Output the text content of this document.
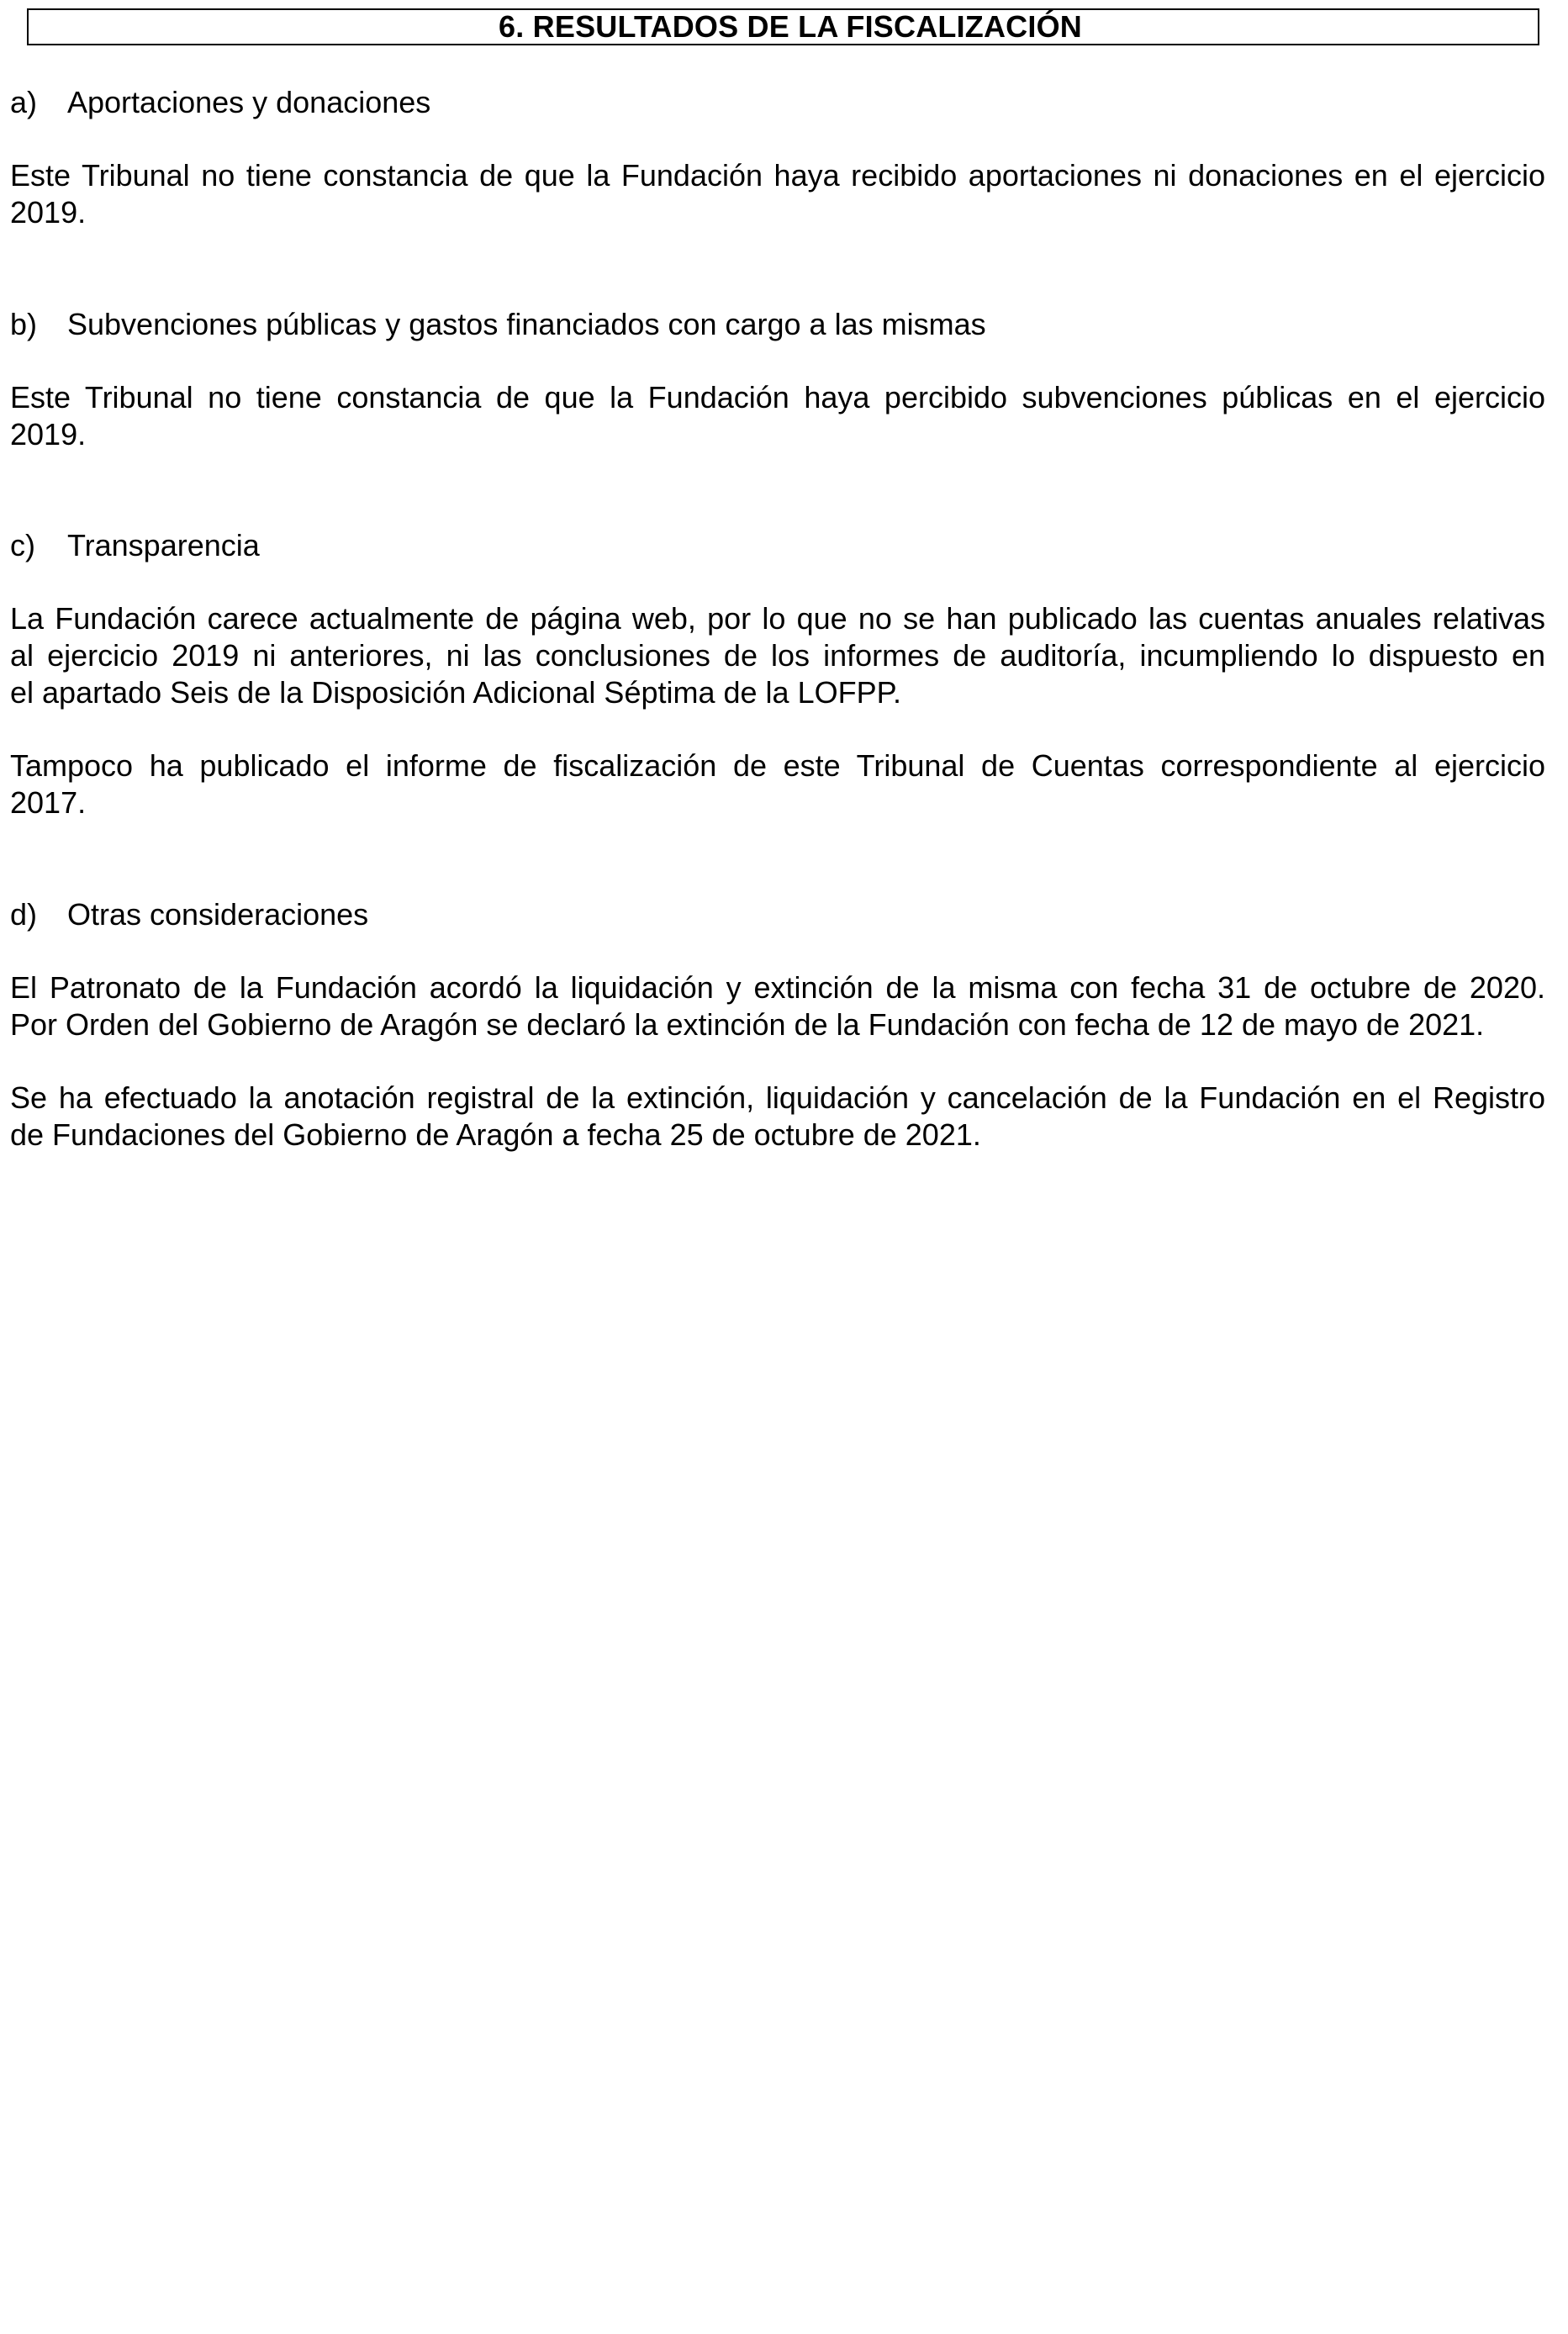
6. RESULTADOS DE LA FISCALIZACIÓN
a) Aportaciones y donaciones
Este Tribunal no tiene constancia de que la Fundación haya recibido aportaciones ni donaciones en el ejercicio
2019.
b) Subvenciones públicas y gastos financiados con cargo a las mismas
Este Tribunal no tiene constancia de que la Fundación haya percibido subvenciones públicas en el ejercicio
2019.
c) Transparencia
La Fundación carece actualmente de página web, por lo que no se han publicado las cuentas anuales relativas
al ejercicio 2019 ni anteriores, ni las conclusiones de los informes de auditoría, incumpliendo lo dispuesto en
el apartado Seis de la Disposición Adicional Séptima de la LOFPP.
Tampoco ha publicado el informe de fiscalización de este Tribunal de Cuentas correspondiente al ejercicio
2017.
d) Otras consideraciones
El Patronato de la Fundación acordó la liquidación y extinción de la misma con fecha 31 de octubre de 2020.
Por Orden del Gobierno de Aragón se declaró la extinción de la Fundación con fecha de 12 de mayo de 2021.
Se ha efectuado la anotación registral de la extinción, liquidación y cancelación de la Fundación en el Registro
de Fundaciones del Gobierno de Aragón a fecha 25 de octubre de 2021.
